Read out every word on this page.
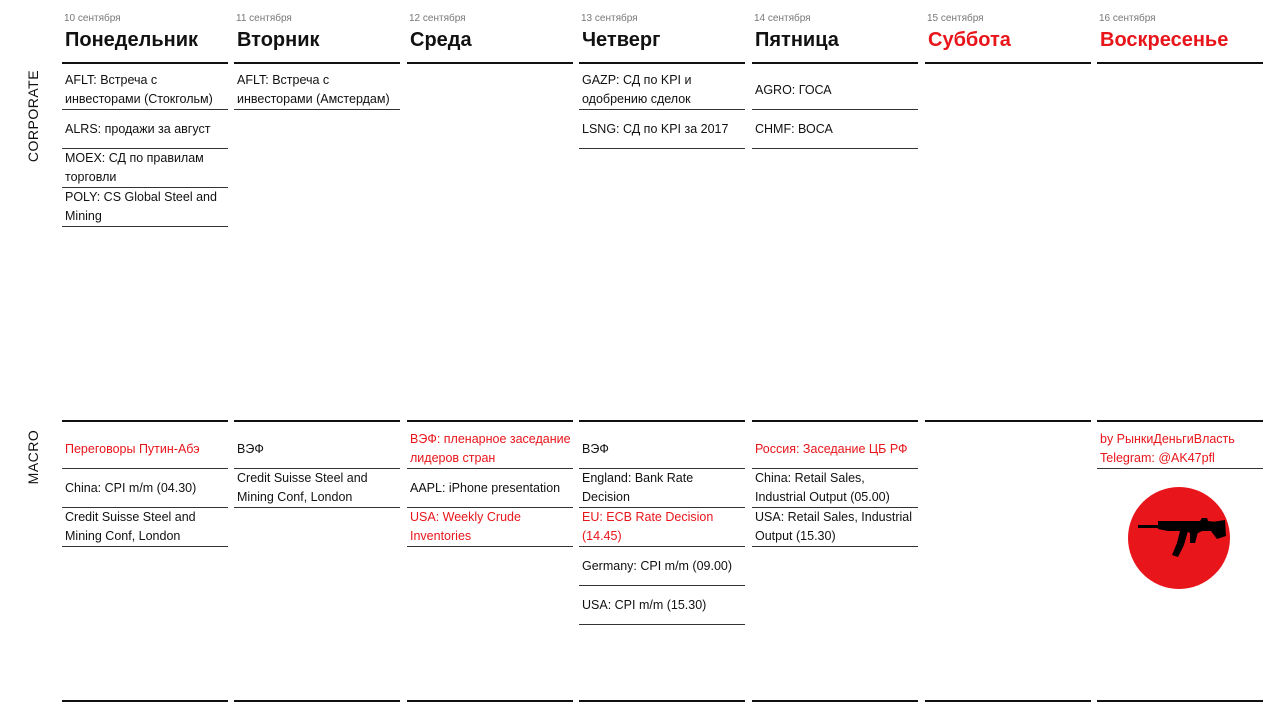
CORPORATE
MACRO
10 сентября
Понедельник
AFLT: Встреча с инвесторами (Стокгольм)
ALRS: продажи за август
MOEX: СД по правилам торговли
POLY: CS Global Steel and Mining
Переговоры Путин-Абэ
China: CPI m/m (04.30)
Credit Suisse Steel and Mining Conf, London
11 сентября
Вторник
AFLT: Встреча с инвесторами (Амстердам)
ВЭФ
Credit Suisse Steel and Mining Conf, London
12 сентября
Среда
ВЭФ: пленарное заседание лидеров стран
AAPL: iPhone presentation
USA: Weekly Crude Inventories
13 сентября
Четверг
GAZP: СД по KPI и одобрению сделок
LSNG: СД по KPI за 2017
ВЭФ
England: Bank Rate Decision
EU: ECB Rate Decision (14.45)
Germany: CPI m/m (09.00)
USA: CPI m/m (15.30)
14 сентября
Пятница
AGRO: ГОСА
CHMF: ВОСА
Россия: Заседание ЦБ РФ
China: Retail Sales, Industrial Output (05.00)
USA: Retail Sales, Industrial Output (15.30)
15 сентября
Суббота
16 сентября
Воскресенье
by РынкиДеньгиВласть
Telegram: @AK47pfl
